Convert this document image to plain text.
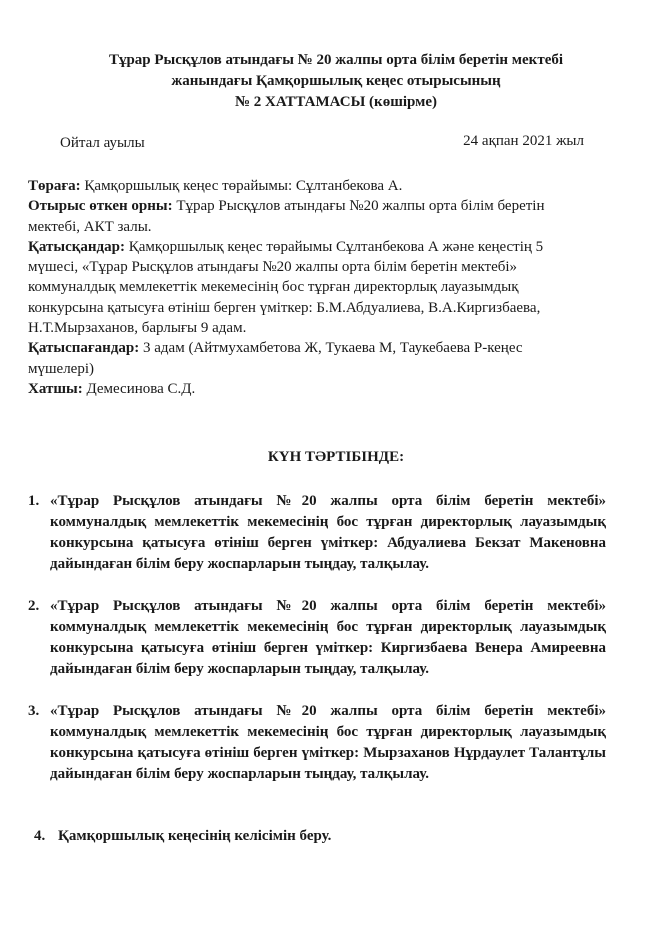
Тұрар Рысқұлов атындағы № 20 жалпы орта білім беретін мектебі
жанындағы Қамқоршылық кеңес отырысының
№ 2 ХАТТАМАСЫ (көшірме)
Ойтал ауылы	24 ақпан 2021 жыл

Төраға: Қамқоршылық кеңес төрайымы: Сұлтанбекова А.

Отырыс өткен орны: Тұрар Рысқұлов атындағы №20 жалпы орта білім беретін мектебі, АКТ залы.

Қатысқандар: Қамқоршылық кеңес төрайымы Сұлтанбекова А және кеңестің 5 мүшесі, «Тұрар Рысқұлов атындағы №20 жалпы орта білім беретін мектебі» коммуналдық мемлекеттік мекемесінің бос тұрған директорлық лауазымдық конкурсына қатысуға өтініш берген үміткер: Б.М.Абдуалиева, В.А.Киргизбаева, Н.Т.Мырзаханов, барлығы 9 адам.

Қатыспағандар: 3 адам (Айтмухамбетова Ж, Тукаева М, Таукебаева Р-кеңес мүшелері)

Хатшы: Демесинова С.Д.

КҮН ТӘРТІБІНДЕ:
1. «Тұрар Рысқұлов атындағы №20 жалпы орта білім беретін мектебі» коммуналдық мемлекеттік мекемесінің бос тұрған директорлық лауазымдық конкурсына қатысуға өтініш берген үміткер: Абдуалиева Бекзат Макеновна дайындаған білім беру жоспарларын тыңдау, талқылау.
2. «Тұрар Рысқұлов атындағы №20 жалпы орта білім беретін мектебі» коммуналдық мемлекеттік мекемесінің бос тұрған директорлық лауазымдық конкурсына қатысуға өтініш берген үміткер: Киргизбаева Венера Амиреевна дайындаған білім беру жоспарларын тыңдау, талқылау.
3. «Тұрар Рысқұлов атындағы №20 жалпы орта білім беретін мектебі» коммуналдық мемлекеттік мекемесінің бос тұрған директорлық лауазымдық конкурсына қатысуға өтініш берген үміткер: Мырзаханов Нұрдаулет Талантұлы дайындаған білім беру жоспарларын тыңдау, талқылау.
4. Қамқоршылық кеңесінің келісімін беру.
